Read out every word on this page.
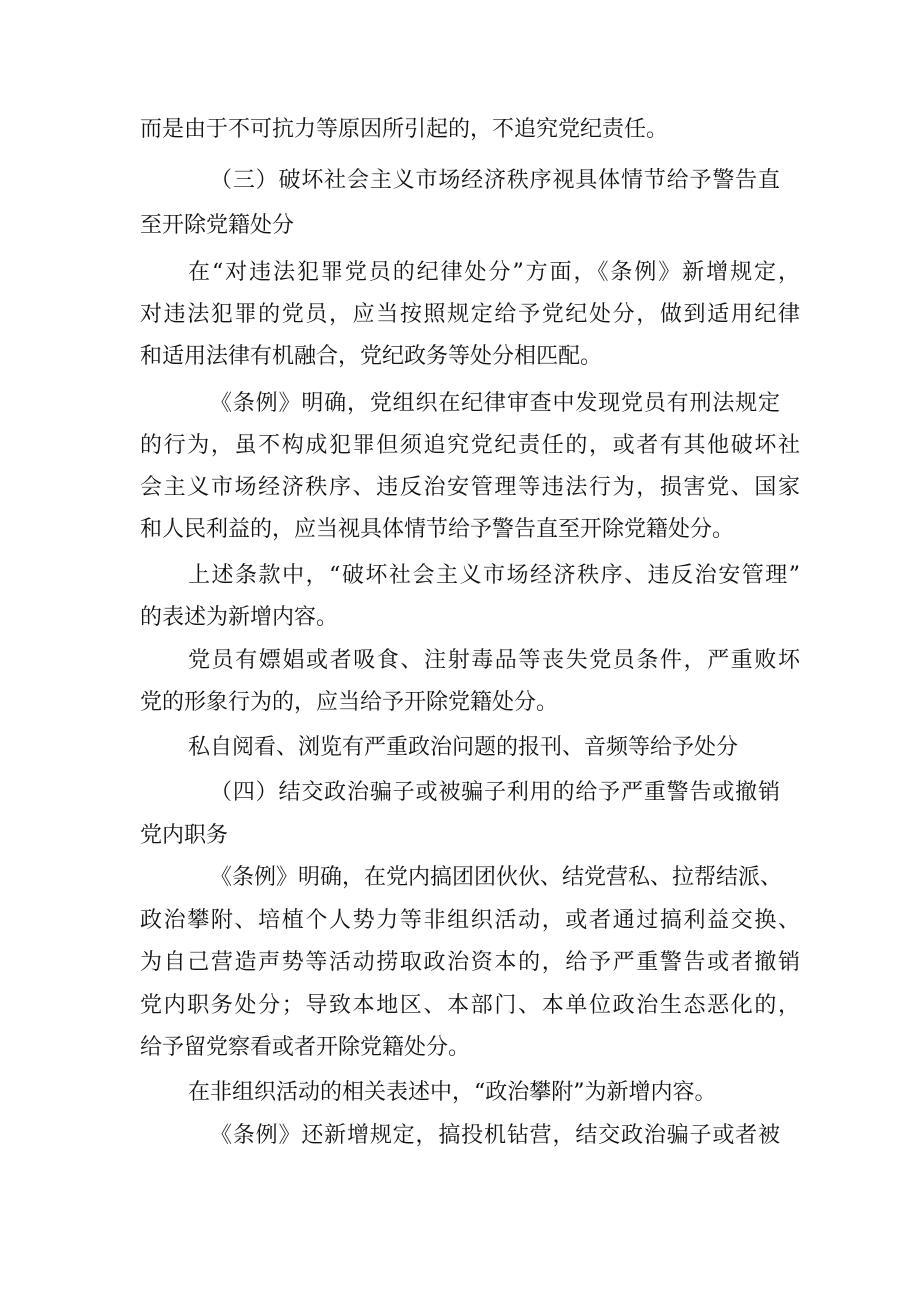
而是由于不可抗力等原因所引起的，不追究党纪责任。
（三）破坏社会主义市场经济秩序视具体情节给予警告直
至开除党籍处分
在“对违法犯罪党员的纪律处分”方面，《条例》新增规定，
对违法犯罪的党员，应当按照规定给予党纪处分，做到适用纪律
和适用法律有机融合，党纪政务等处分相匹配。
《条例》明确，党组织在纪律审查中发现党员有刑法规定
的行为，虽不构成犯罪但须追究党纪责任的，或者有其他破坏社
会主义市场经济秩序、违反治安管理等违法行为，损害党、国家
和人民利益的，应当视具体情节给予警告直至开除党籍处分。
上述条款中，“破坏社会主义市场经济秩序、违反治安管理”
的表述为新增内容。
党员有嫖娼或者吸食、注射毒品等丧失党员条件，严重败坏
党的形象行为的，应当给予开除党籍处分。
私自阅看、浏览有严重政治问题的报刊、音频等给予处分
（四）结交政治骗子或被骗子利用的给予严重警告或撤销
党内职务
《条例》明确，在党内搞团团伙伙、结党营私、拉帮结派、
政治攀附、培植个人势力等非组织活动，或者通过搞利益交换、
为自己营造声势等活动捞取政治资本的，给予严重警告或者撤销
党内职务处分；导致本地区、本部门、本单位政治生态恶化的，
给予留党察看或者开除党籍处分。
在非组织活动的相关表述中，“政治攀附”为新增内容。
《条例》还新增规定，搞投机钻营，结交政治骗子或者被
